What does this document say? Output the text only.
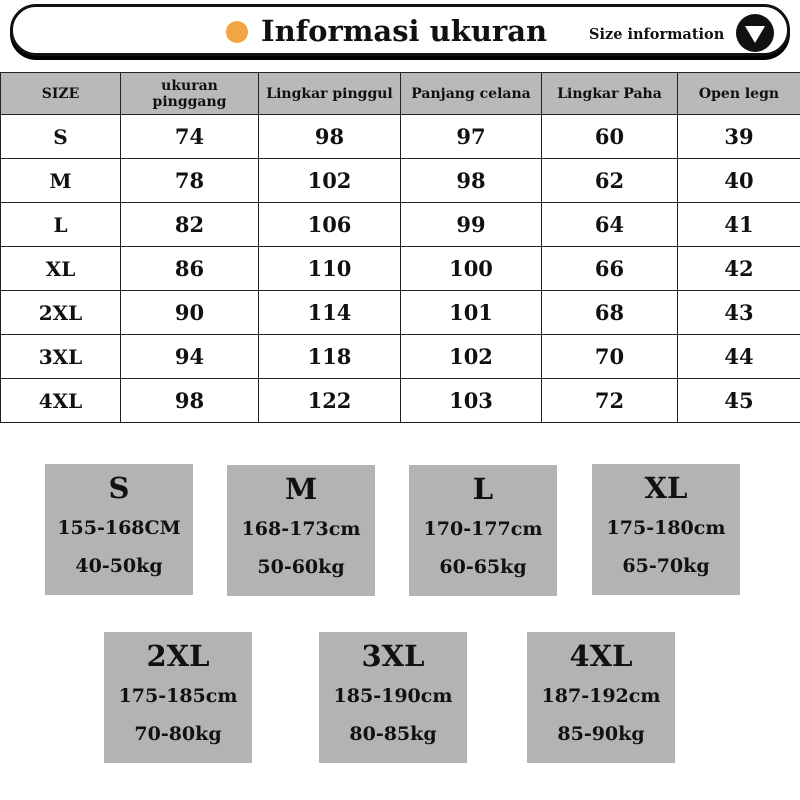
Informasi ukuran	Size information
SIZE	ukuran pinggang	Lingkar pinggul	Panjang celana	Lingkar Paha	Open legn
S	74	98	97	60	39
M	78	102	98	62	40
L	82	106	99	64	41
XL	86	110	100	66	42
2XL	90	114	101	68	43
3XL	94	118	102	70	44
4XL	98	122	103	72	45
S
155-168CM
40-50kg
M
168-173cm
50-60kg
L
170-177cm
60-65kg
XL
175-180cm
65-70kg
2XL
175-185cm
70-80kg
3XL
185-190cm
80-85kg
4XL
187-192cm
85-90kg
